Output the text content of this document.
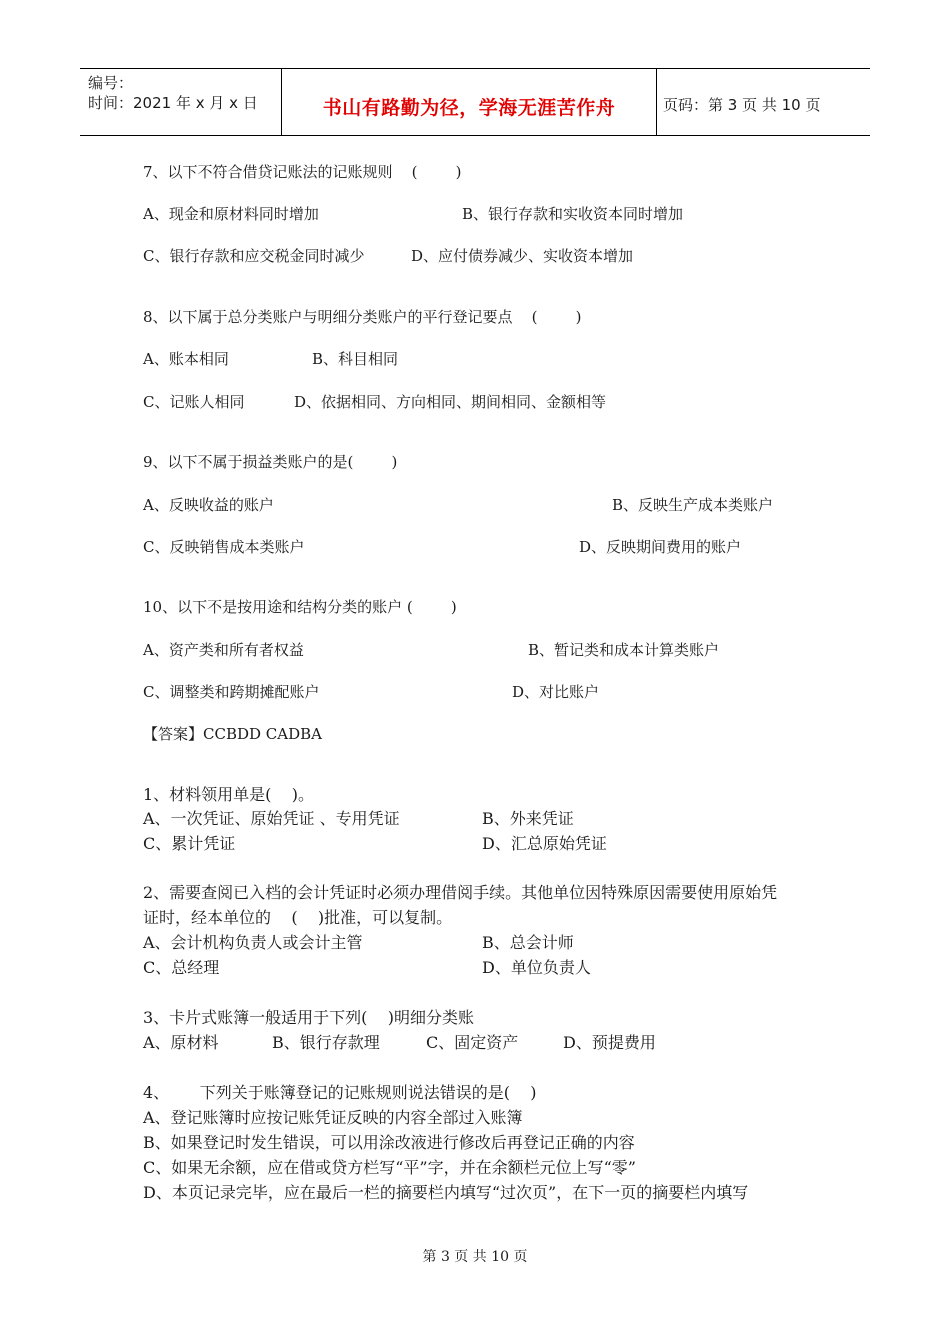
编号：
时间：2021 年 x 月 x 日	书山有路勤为径，学海无涯苦作舟	页码：第 3 页 共 10 页
7、以下不符合借贷记账法的记账规则    (        )
A、现金和原材料同时增加	B、银行存款和实收资本同时增加
C、银行存款和应交税金同时减少	D、应付债券减少、实收资本增加
8、以下属于总分类账户与明细分类账户的平行登记要点    (        )
A、账本相同	B、科目相同
C、记账人相同	D、依据相同、方向相同、期间相同、金额相等
9、以下不属于损益类账户的是(        )
A、反映收益的账户	B、反映生产成本类账户
C、反映销售成本类账户	D、反映期间费用的账户
10、以下不是按用途和结构分类的账户 (        )
A、资产类和所有者权益	B、暂记类和成本计算类账户
C、调整类和跨期摊配账户	D、对比账户
【答案】CCBDD CADBA
1、材料领用单是(    )。
A、一次凭证、原始凭证 、专用凭证	B、外来凭证
C、累计凭证	D、汇总原始凭证
2、需要查阅已入档的会计凭证时必须办理借阅手续。其他单位因特殊原因需要使用原始凭
证时，经本单位的    (    )批准，可以复制。
A、会计机构负责人或会计主管	B、总会计师
C、总经理	D、单位负责人
3、卡片式账簿一般适用于下列(    )明细分类账
A、原材料	B、银行存款理	C、固定资产	D、预提费用
4、      下列关于账簿登记的记账规则说法错误的是(    )
A、登记账簿时应按记账凭证反映的内容全部过入账簿
B、如果登记时发生错误，可以用涂改液进行修改后再登记正确的内容
C、如果无余额，应在借或贷方栏写“平”字，并在余额栏元位上写“零”
D、本页记录完毕，应在最后一栏的摘要栏内填写“过次页”，在下一页的摘要栏内填写
第 3 页 共 10 页
